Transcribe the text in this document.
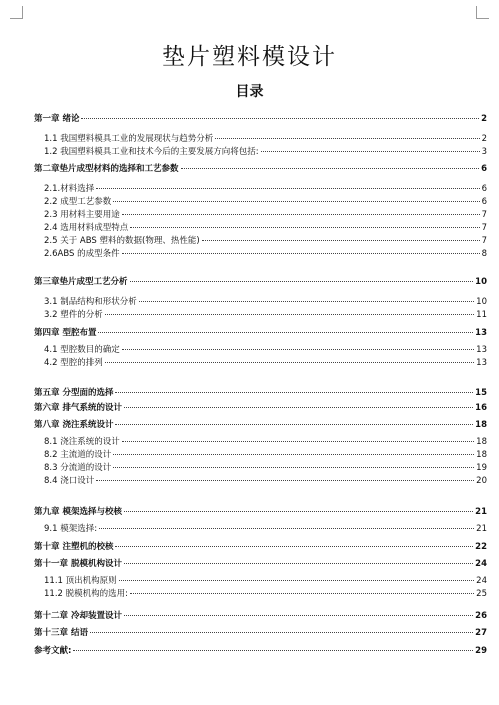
垫片塑料模设计
目录
第一章 绪论	2
1.1 我国塑料模具工业的发展现状与趋势分析	2
1.2 我国塑料模具工业和技术今后的主要发展方向将包括:	3
第二章垫片成型材料的选择和工艺参数	6
2.1.材料选择	6
2.2 成型工艺参数	6
2.3 用材料主要用途	7
2.4 选用材料成型特点	7
2.5 关于 ABS 塑料的数据(物理、热性能)	7
2.6ABS 的成型条件	8
第三章垫片成型工艺分析	10
3.1 制品结构和形状分析	10
3.2 塑件的分析	11
第四章 型腔布置	13
4.1 型腔数目的确定	13
4.2 型腔的排列	13
第五章 分型面的选择	15
第六章 排气系统的设计	16
第八章 浇注系统设计	18
8.1 浇注系统的设计	18
8.2 主流道的设计	18
8.3 分流道的设计	19
8.4 浇口设计	20
第九章 模架选择与校核	21
9.1 模架选择:	21
第十章 注塑机的校核	22
第十一章 脱模机构设计	24
11.1 顶出机构原则	24
11.2 脱模机构的选用:	25
第十二章 冷却装置设计	26
第十三章 结语	27
参考文献:	29
